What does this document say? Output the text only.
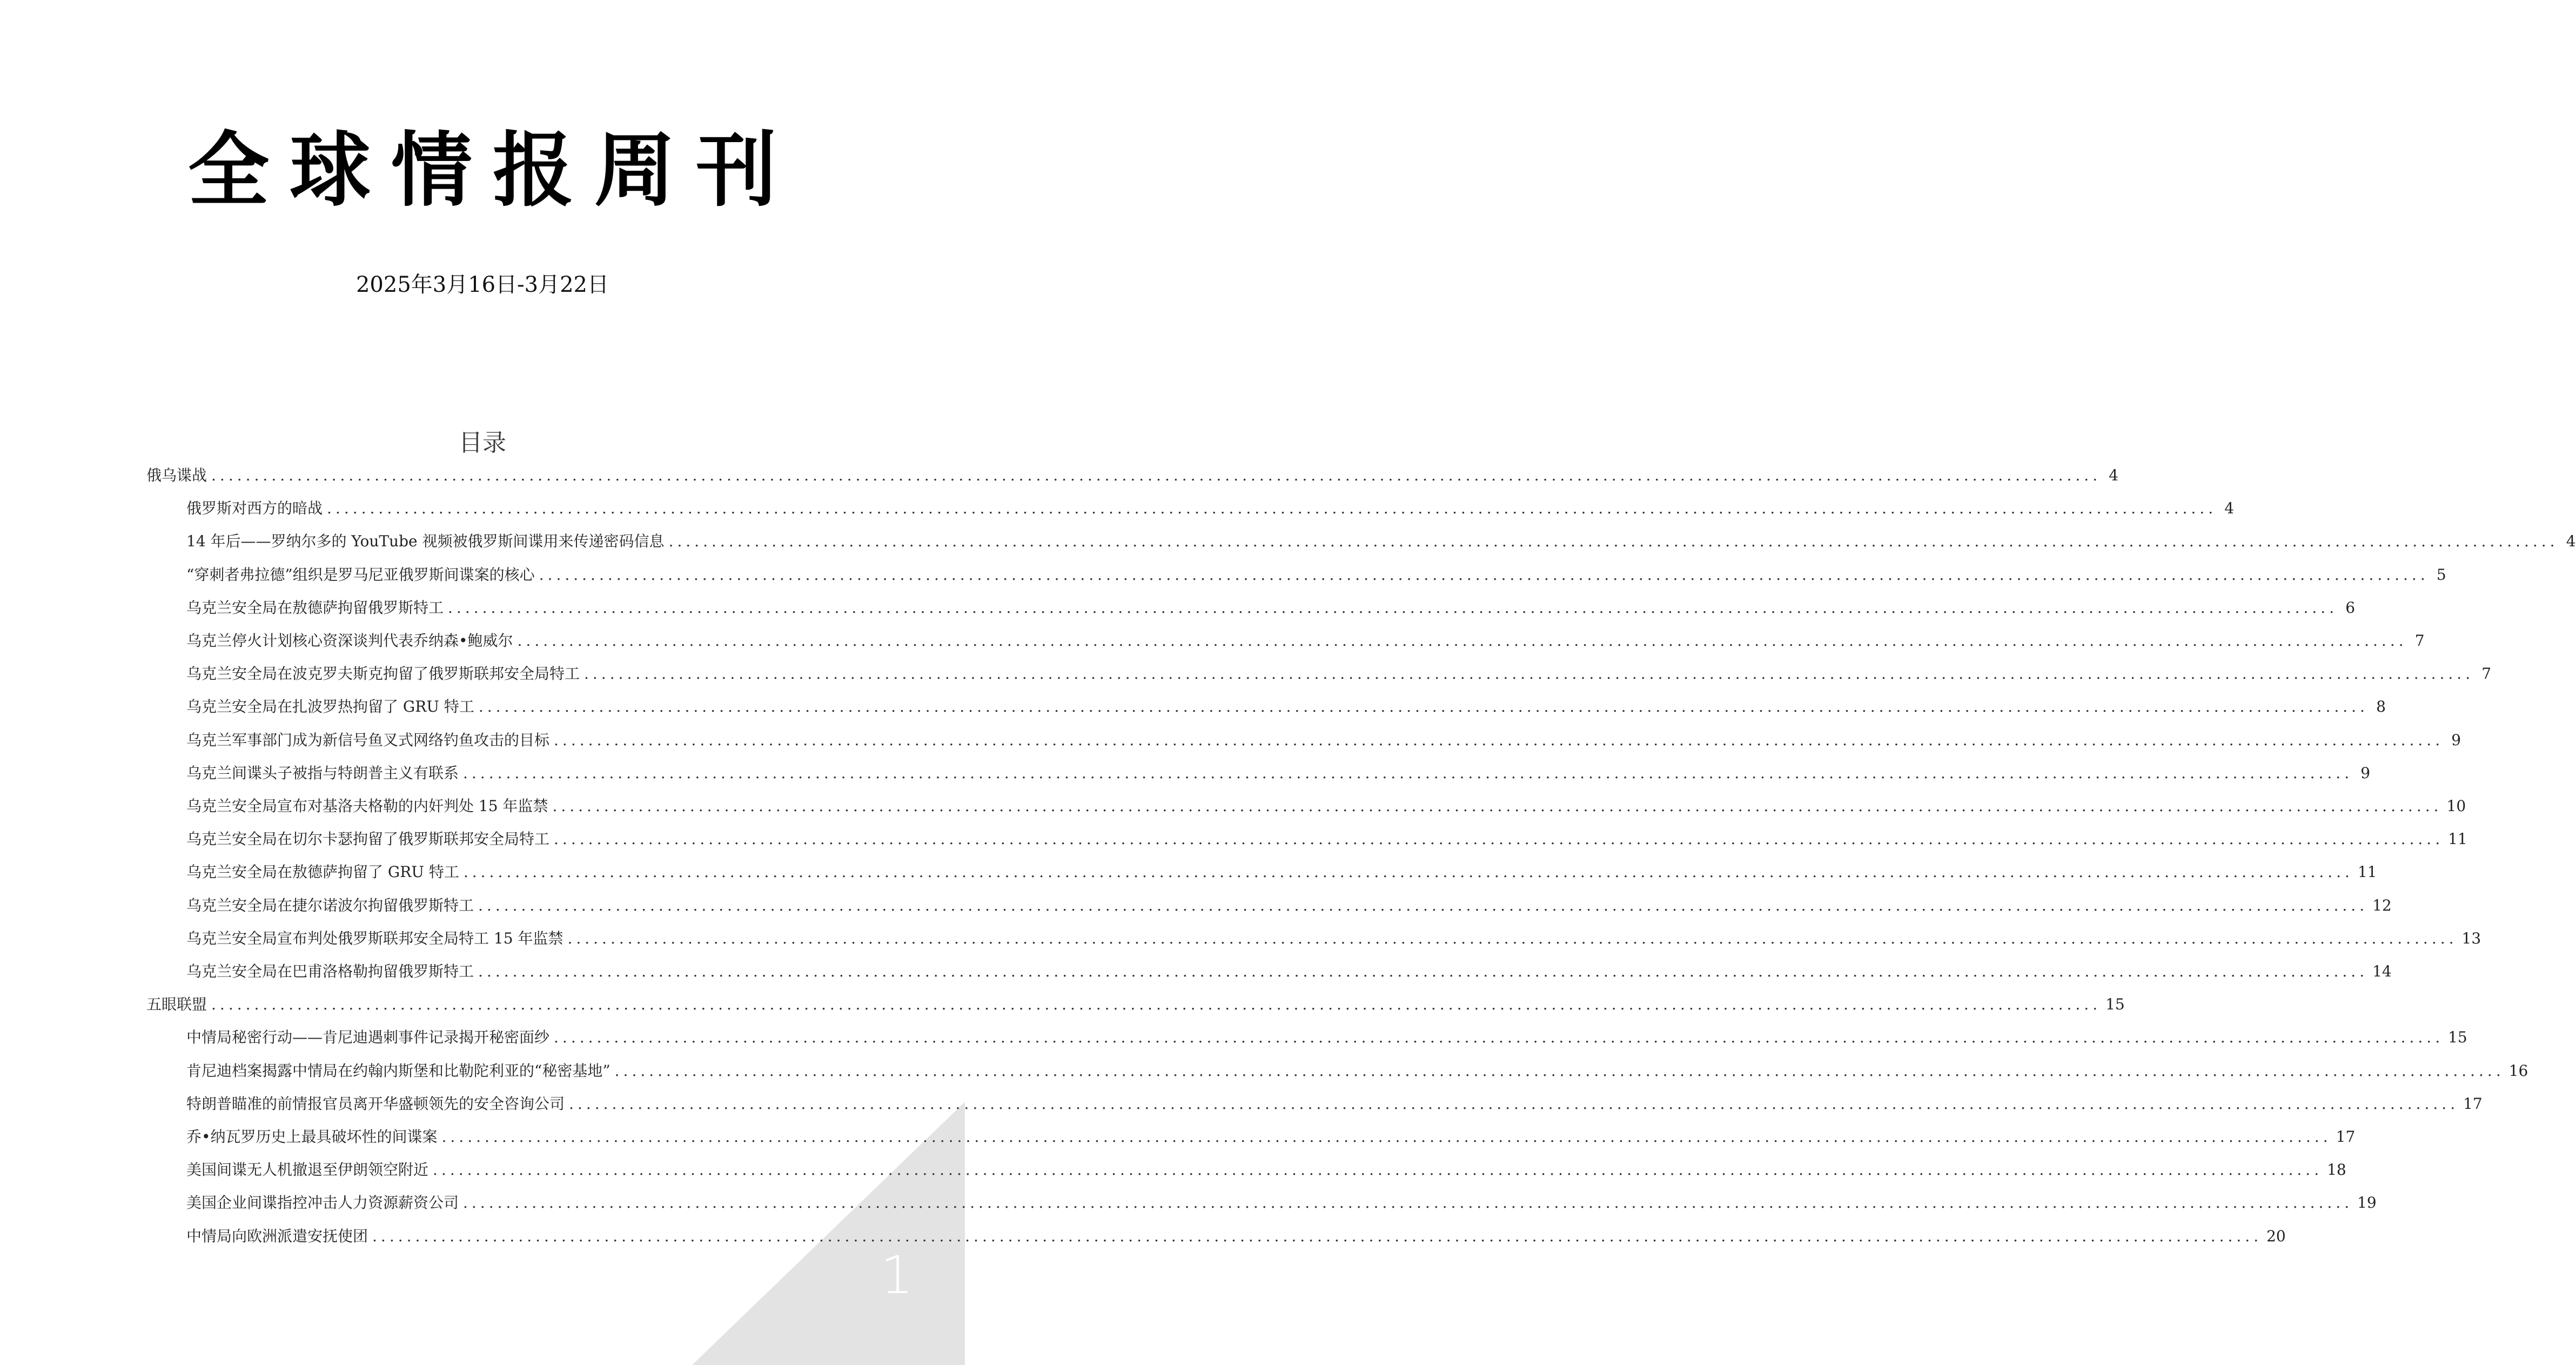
全球情报周刊
2025年3月16日-3月22日
目录
俄乌谍战 ............................................................................................................................................................................................................................ 4
俄罗斯对西方的暗战 ............................................................................................................................................................................................................................ 4
14 年后——罗纳尔多的 YouTube 视频被俄罗斯间谍用来传递密码信息 ............................................................................................................................................................................................................................ 4
“穿刺者弗拉德”组织是罗马尼亚俄罗斯间谍案的核心 ............................................................................................................................................................................................................................ 5
乌克兰安全局在敖德萨拘留俄罗斯特工 ............................................................................................................................................................................................................................ 6
乌克兰停火计划核心资深谈判代表乔纳森•鲍威尔 ............................................................................................................................................................................................................................ 7
乌克兰安全局在波克罗夫斯克拘留了俄罗斯联邦安全局特工 ............................................................................................................................................................................................................................ 7
乌克兰安全局在扎波罗热拘留了 GRU 特工 ............................................................................................................................................................................................................................ 8
乌克兰军事部门成为新信号鱼叉式网络钓鱼攻击的目标 ............................................................................................................................................................................................................................ 9
乌克兰间谍头子被指与特朗普主义有联系 ............................................................................................................................................................................................................................ 9
乌克兰安全局宣布对基洛夫格勒的内奸判处 15 年监禁 ............................................................................................................................................................................................................................ 10
乌克兰安全局在切尔卡瑟拘留了俄罗斯联邦安全局特工 ............................................................................................................................................................................................................................ 11
乌克兰安全局在敖德萨拘留了 GRU 特工 ............................................................................................................................................................................................................................ 11
乌克兰安全局在捷尔诺波尔拘留俄罗斯特工 ............................................................................................................................................................................................................................ 12
乌克兰安全局宣布判处俄罗斯联邦安全局特工 15 年监禁 ............................................................................................................................................................................................................................ 13
乌克兰安全局在巴甫洛格勒拘留俄罗斯特工 ............................................................................................................................................................................................................................ 14
五眼联盟 ............................................................................................................................................................................................................................ 15
中情局秘密行动——肯尼迪遇刺事件记录揭开秘密面纱 ............................................................................................................................................................................................................................ 15
肯尼迪档案揭露中情局在约翰内斯堡和比勒陀利亚的“秘密基地” ............................................................................................................................................................................................................................ 16
特朗普瞄准的前情报官员离开华盛顿领先的安全咨询公司 ............................................................................................................................................................................................................................ 17
乔•纳瓦罗历史上最具破坏性的间谍案 ............................................................................................................................................................................................................................ 17
美国间谍无人机撤退至伊朗领空附近 ............................................................................................................................................................................................................................ 18
美国企业间谍指控冲击人力资源薪资公司 ............................................................................................................................................................................................................................ 19
中情局向欧洲派遣安抚使团 ............................................................................................................................................................................................................................ 20
1
